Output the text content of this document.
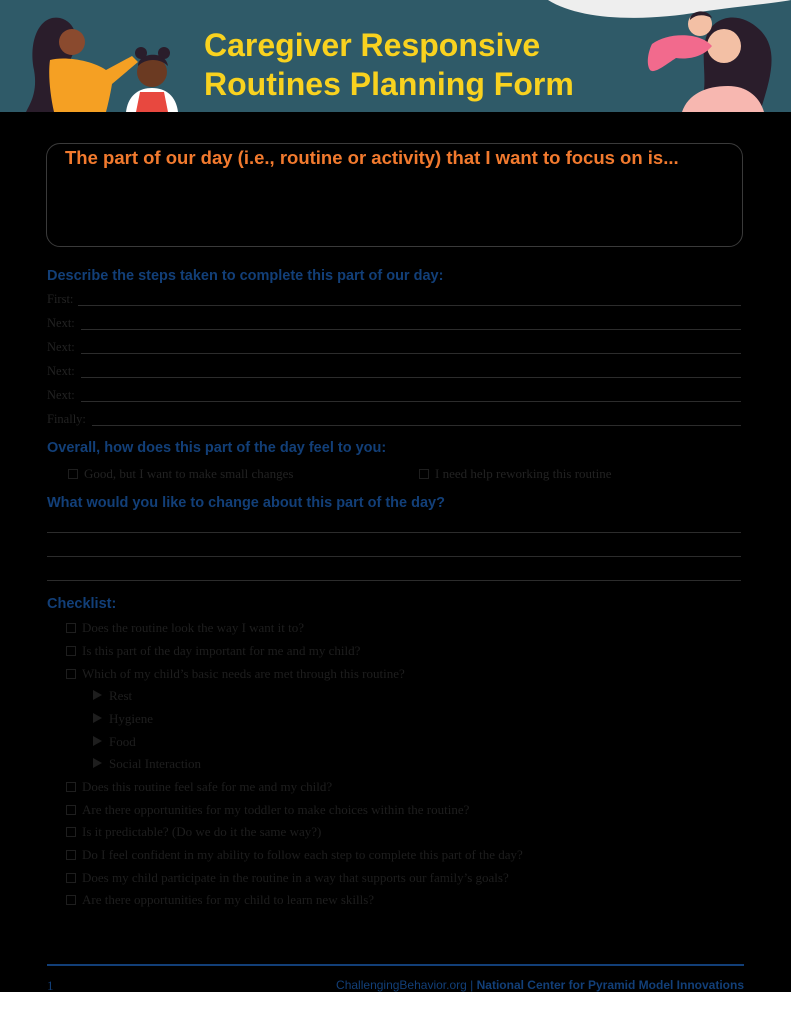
Caregiver Responsive
Routines Planning Form
The part of our day (i.e., routine or activity) that I want to focus on is...
Describe the steps taken to complete this part of our day:
First:
Next:
Next:
Next:
Next:
Finally:
Overall, how does this part of the day feel to you:
Good, but I want to make small changes	I need help reworking this routine
What would you like to change about this part of the day?
Checklist:
Does the routine look the way I want it to?
Is this part of the day important for me and my child?
Which of my child’s basic needs are met through this routine?
Rest
Hygiene
Food
Social Interaction
Does this routine feel safe for me and my child?
Are there opportunities for my toddler to make choices within the routine?
Is it predictable? (Do we do it the same way?)
Do I feel confident in my ability to follow each step to complete this part of the day?
Does my child participate in the routine in a way that supports our family’s goals?
Are there opportunities for my child to learn new skills?
1	ChallengingBehavior.org | National Center for Pyramid Model Innovations
